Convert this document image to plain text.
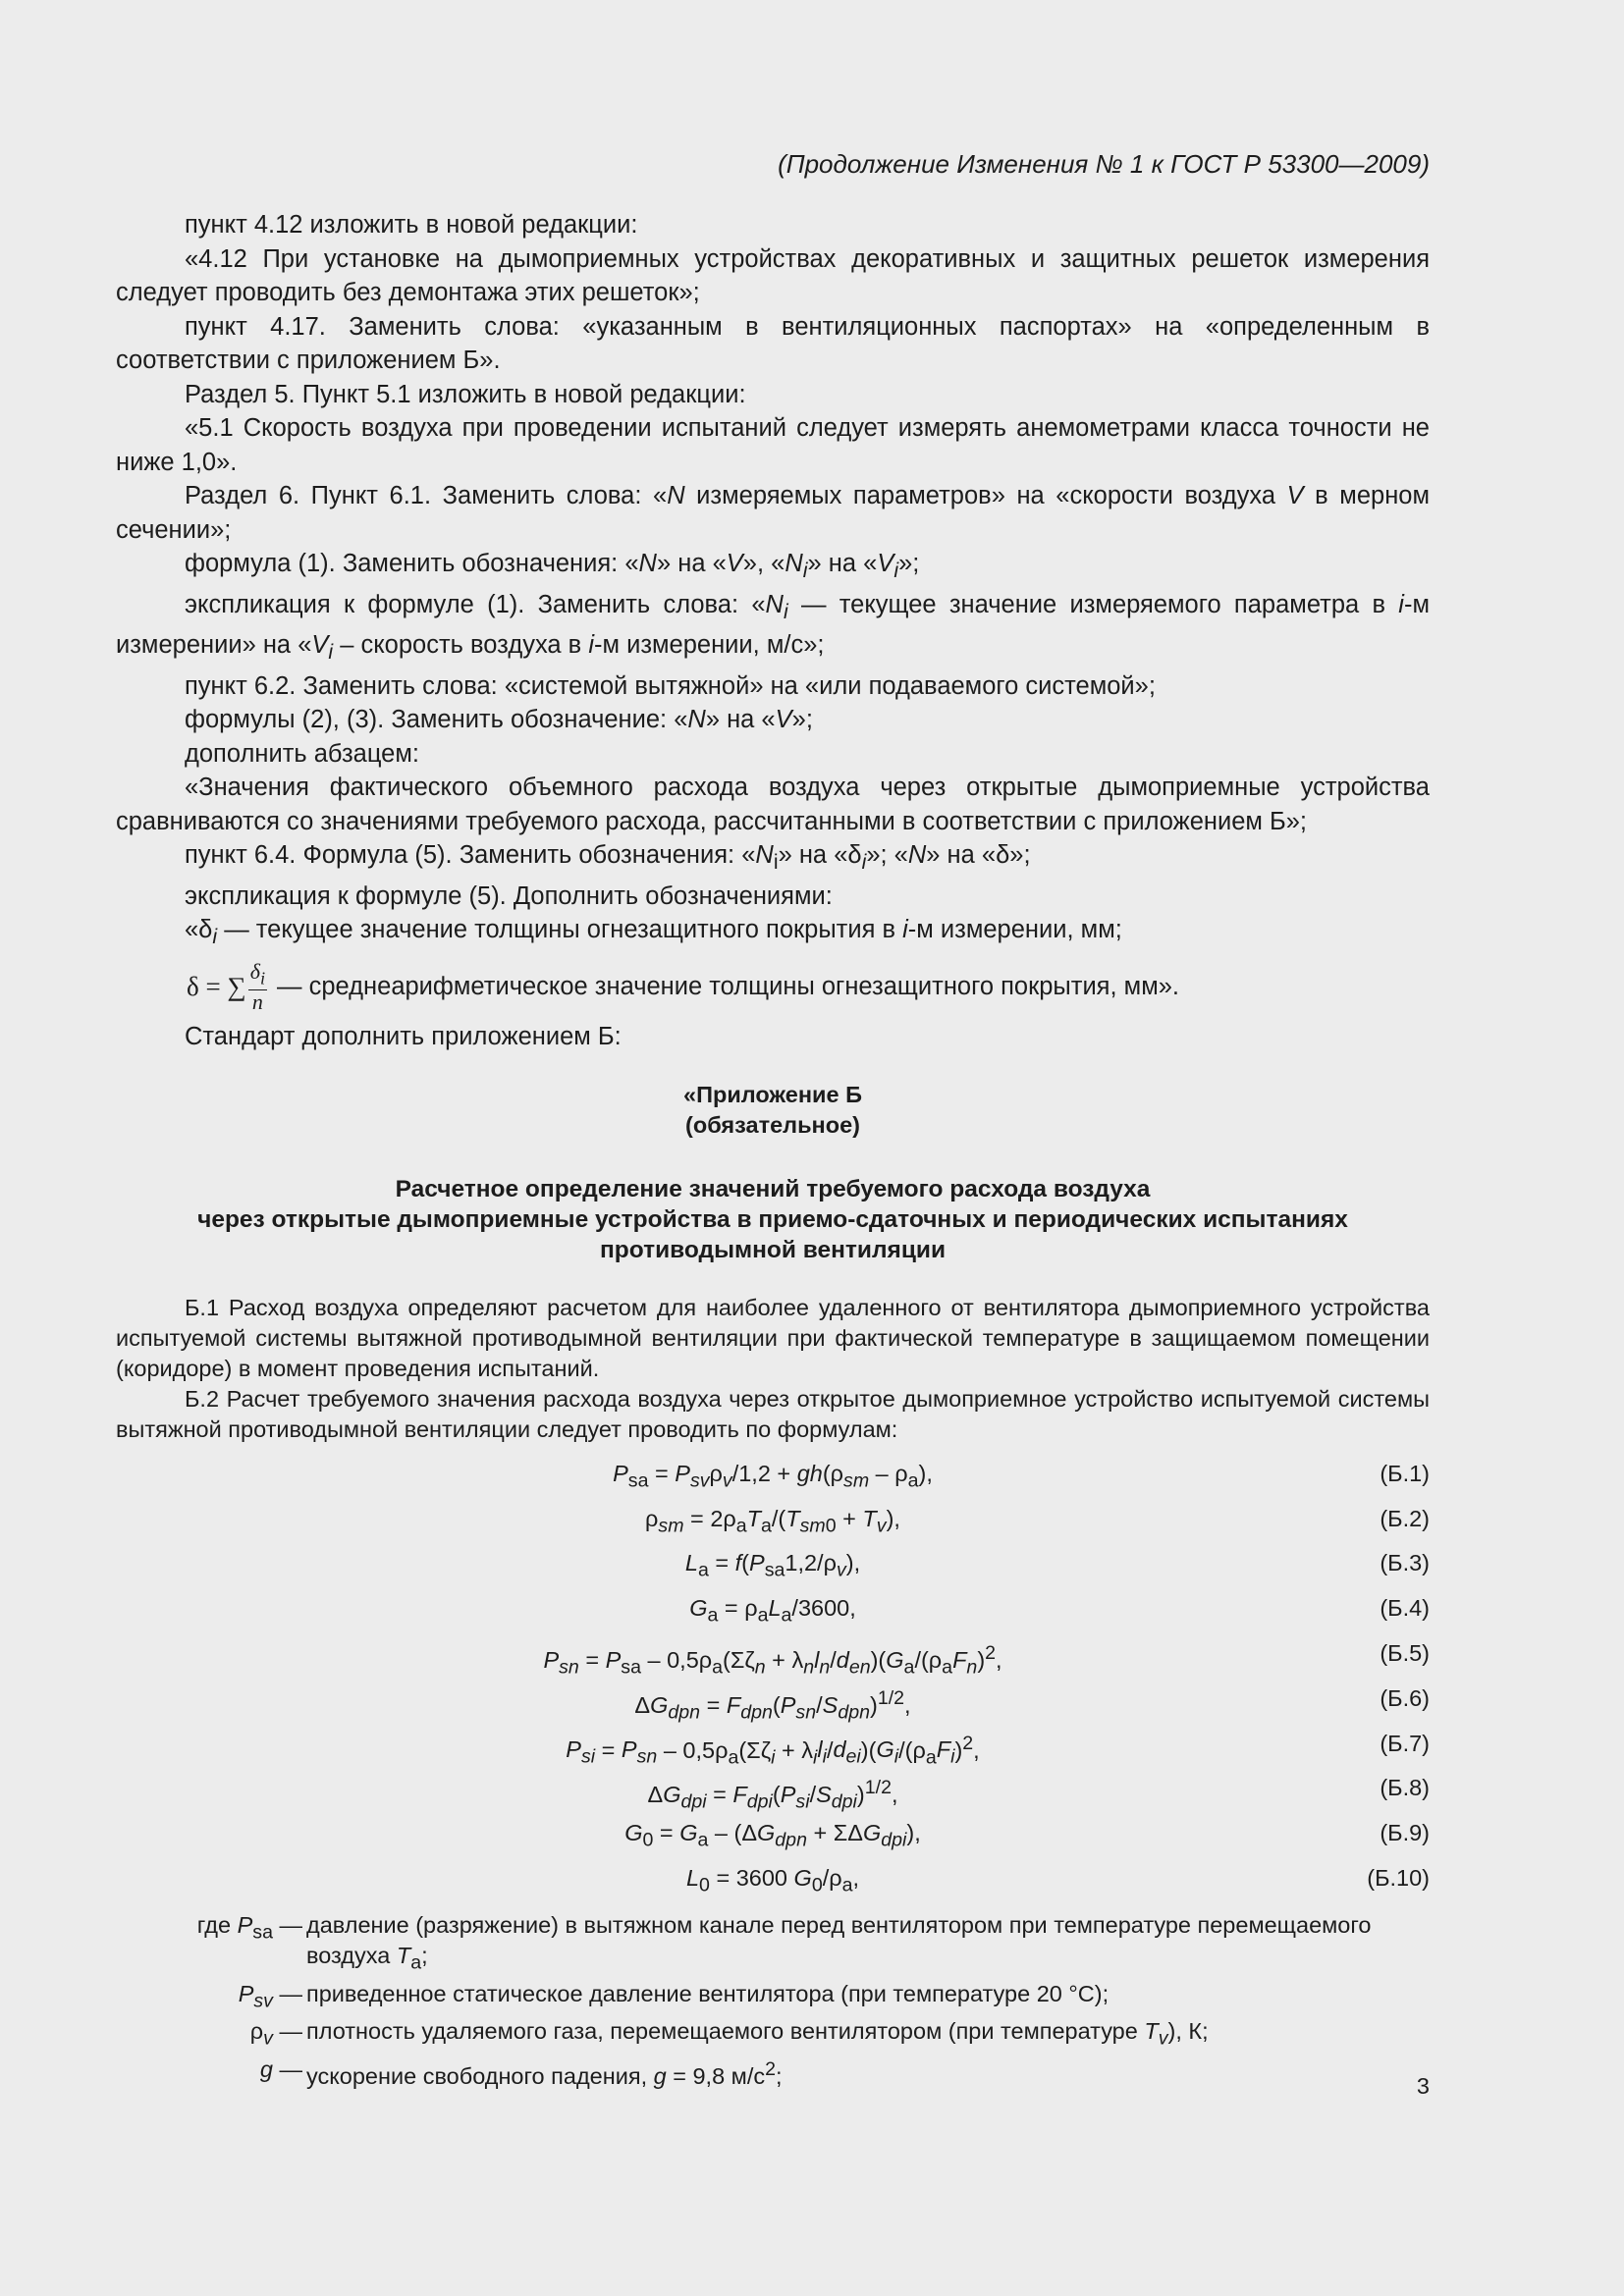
(Продолжение Изменения № 1 к ГОСТ Р 53300—2009)

пункт 4.12 изложить в новой редакции:

«4.12 При установке на дымоприемных устройствах декоративных и защитных решеток измерения следует проводить без демонтажа этих решеток»;

пункт 4.17. Заменить слова: «указанным в вентиляционных паспортах» на «определенным в соответствии с приложением Б».

Раздел 5. Пункт 5.1 изложить в новой редакции:

«5.1 Скорость воздуха при проведении испытаний следует измерять анемометрами класса точности не ниже 1,0».

Раздел 6. Пункт 6.1. Заменить слова: «N измеряемых параметров» на «скорости воздуха V в мерном сечении»;

формула (1). Заменить обозначения: «N» на «V», «$N_i$» на «$V_i$»;

экспликация к формуле (1). Заменить слова: «$N_i$ — текущее значение измеряемого параметра в i-м измерении» на «$V_i$ – скорость воздуха в i-м измерении, м/с»;

пункт 6.2. Заменить слова: «системой вытяжной» на «или подаваемого системой»;

формулы (2), (3). Заменить обозначение: «N» на «V»;

дополнить абзацем:

«Значения фактического объемного расхода воздуха через открытые дымоприемные устройства сравниваются со значениями требуемого расхода, рассчитанными в соответствии с приложением Б»;

пункт 6.4. Формула (5). Заменить обозначения: «$N_i$» на «$\delta_i$»; «N» на «δ»;

экспликация к формуле (5). Дополнить обозначениями:

«$\delta_i$ — текущее значение толщины огнезащитного покрытия в i-м измерении, мм;

δ = ∑ $\frac{\delta_i}{n}$ — среднеарифметическое значение толщины огнезащитного покрытия, мм».

Стандарт дополнить приложением Б:

«Приложение Б
(обязательное)
Расчетное определение значений требуемого расхода воздуха
через открытые дымоприемные устройства в приемо-сдаточных и периодических испытаниях
противодымной вентиляции

Б.1 Расход воздуха определяют расчетом для наиболее удаленного от вентилятора дымоприемного устройства испытуемой системы вытяжной противодымной вентиляции при фактической температуре в защищаемом помещении (коридоре) в момент проведения испытаний.

Б.2 Расчет требуемого значения расхода воздуха через открытое дымоприемное устройство испытуемой системы вытяжной противодымной вентиляции следует проводить по формулам:

$P_{sa} = P_{sv}\rho_v/1,2 + gh(\rho_{sm} - \rho_a)$,	(Б.1)
$\rho_{sm} = 2\rho_aT_a/(T_{sm0} + T_v)$,	(Б.2)
$L_a = f(P_{sa}1,2/\rho_v)$,	(Б.3)
$G_a = \rho_aL_a/3600$,	(Б.4)
$P_{sn} = P_{sa} - 0,5\rho_a(\Sigma\zeta_n + \lambda_nl_n/d_{en})(G_a/(\rho_aF_n)^2$,	(Б.5)
$\Delta G_{dpn} = F_{dpn}(P_{sn}/S_{dpn})^{1/2}$,	(Б.6)
$P_{si} = P_{sn} - 0,5\rho_a(\Sigma\zeta_i + \lambda_il_i/d_{ei})(G_i/(\rho_aF_i)^2$,	(Б.7)
$\Delta G_{dpi} = F_{dpi}(P_{si}/S_{dpi})^{1/2}$,	(Б.8)
$G_0 = G_a - (\Delta G_{dpn} + \Sigma\Delta G_{dpi})$,	(Б.9)
$L_0 = 3600$ $G_0/\rho_a$,	(Б.10)
где $P_{sa}$ — давление (разряжение) в вытяжном канале перед вентилятором при температуре перемещаемого воздуха $T_a$;
$P_{sv}$ — приведенное статическое давление вентилятора (при температуре 20 °С);
$\rho_v$ — плотность удаляемого газа, перемещаемого вентилятором (при температуре $T_v$), К;
g — ускорение свободного падения, g = 9,8 $м/с^2$;	3
